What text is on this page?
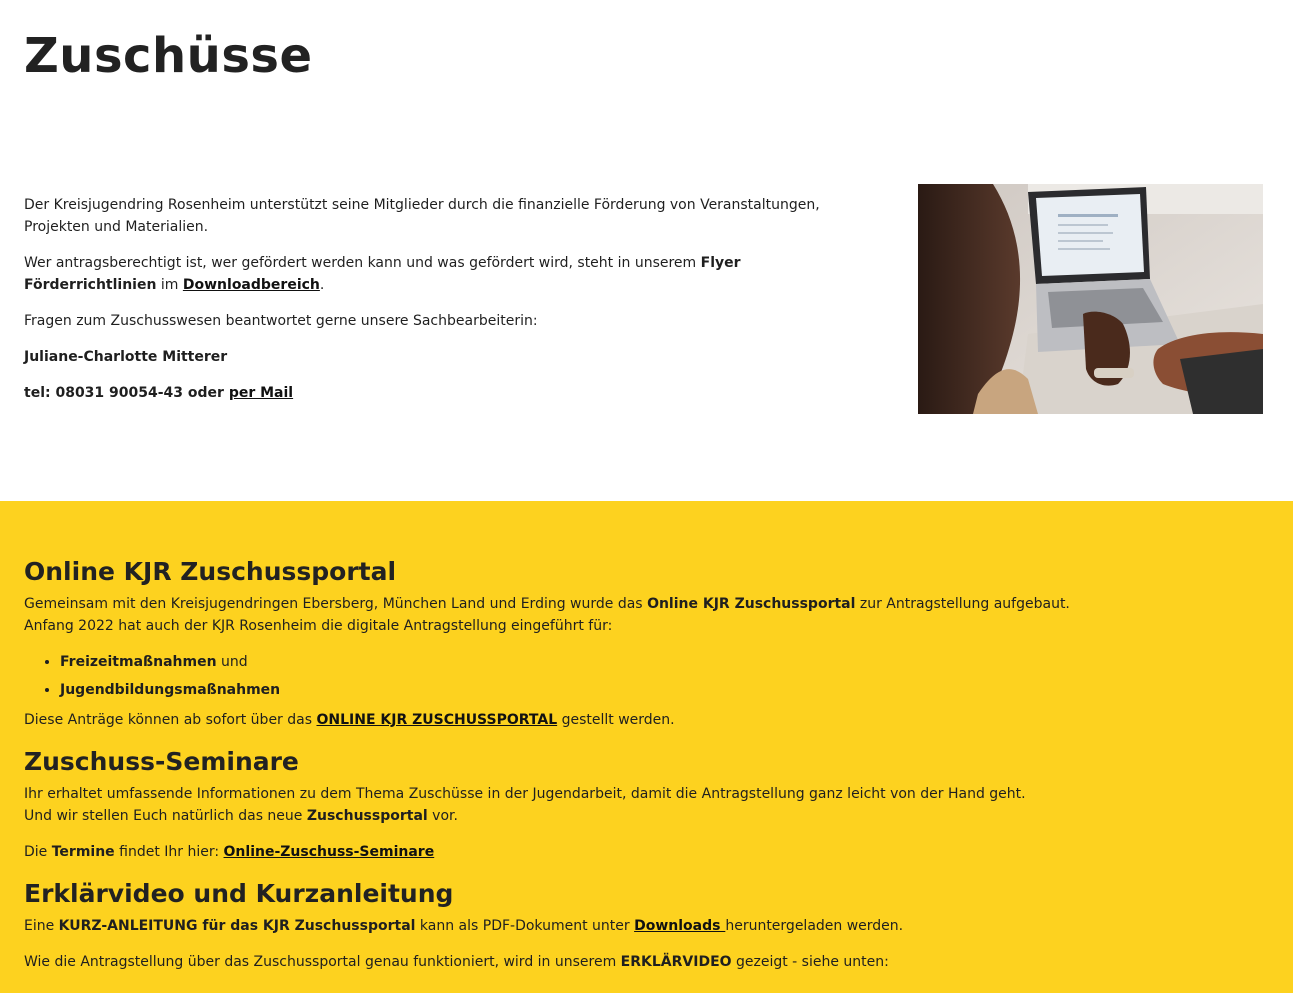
Zuschüsse

Der Kreisjugendring Rosenheim unterstützt seine Mitglieder durch die finanzielle Förderung von Veranstaltungen, Projekten und Materialien.

Wer antragsberechtigt ist, wer gefördert werden kann und was gefördert wird, steht in unserem Flyer Förderrichtlinien im Downloadbereich.

Fragen zum Zuschusswesen beantwortet gerne unsere Sachbearbeiterin:

Juliane-Charlotte Mitterer

tel: 08031 90054-43 oder per Mail

Online KJR Zuschussportal

Gemeinsam mit den Kreisjugendringen Ebersberg, München Land und Erding wurde das Online KJR Zuschussportal zur Antragstellung aufgebaut.
Anfang 2022 hat auch der KJR Rosenheim die digitale Antragstellung eingeführt für:

• Freizeitmaßnahmen und
• Jugendbildungsmaßnahmen

Diese Anträge können ab sofort über das ONLINE KJR ZUSCHUSSPORTAL gestellt werden.

Zuschuss-Seminare

Ihr erhaltet umfassende Informationen zu dem Thema Zuschüsse in der Jugendarbeit, damit die Antragstellung ganz leicht von der Hand geht.
Und wir stellen Euch natürlich das neue Zuschussportal vor.

Die Termine findet Ihr hier: Online-Zuschuss-Seminare

Erklärvideo und Kurzanleitung

Eine KURZ-ANLEITUNG für das KJR Zuschussportal kann als PDF-Dokument unter Downloads heruntergeladen werden.

Wie die Antragstellung über das Zuschussportal genau funktioniert, wird in unserem ERKLÄRVIDEO gezeigt - siehe unten:
